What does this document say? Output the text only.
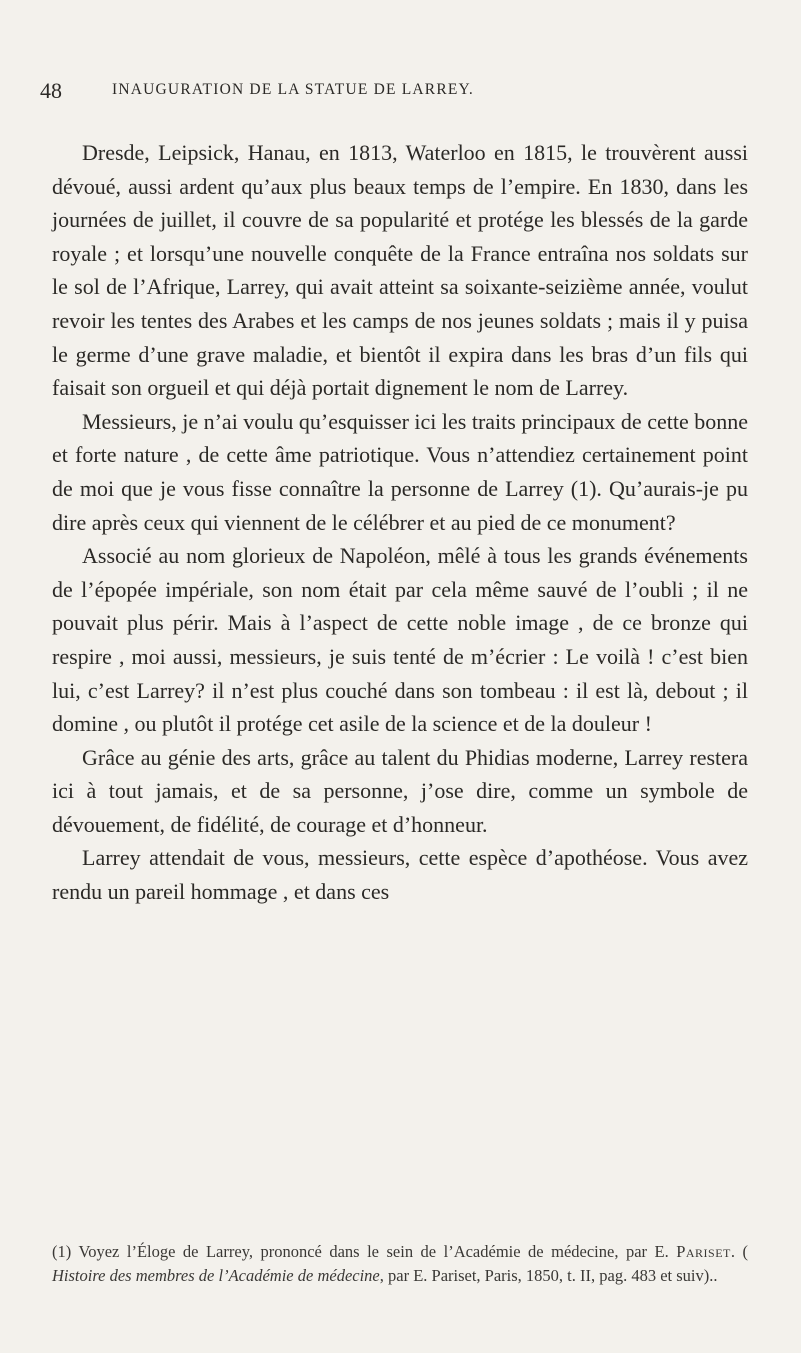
48	INAUGURATION DE LA STATUE DE LARREY.

Dresde, Leipsick, Hanau, en 1813, Waterloo en 1815, le trouvèrent aussi dévoué, aussi ardent qu’aux plus beaux temps de l’empire. En 1830, dans les journées de juillet, il couvre de sa popularité et protége les blessés de la garde royale ; et lorsqu’une nouvelle conquête de la France entraîna nos soldats sur le sol de l’Afrique, Larrey, qui avait atteint sa soixante-seizième année, voulut revoir les tentes des Arabes et les camps de nos jeunes soldats ; mais il y puisa le germe d’une grave maladie, et bientôt il expira dans les bras d’un fils qui faisait son orgueil et qui déjà portait dignement le nom de Larrey.

Messieurs, je n’ai voulu qu’esquisser ici les traits principaux de cette bonne et forte nature , de cette âme patriotique. Vous n’attendiez certainement point de moi que je vous fisse connaître la personne de Larrey (1). Qu’aurais-je pu dire après ceux qui viennent de le célébrer et au pied de ce monument?

Associé au nom glorieux de Napoléon, mêlé à tous les grands événements de l’épopée impériale, son nom était par cela même sauvé de l’oubli ; il ne pouvait plus périr. Mais à l’aspect de cette noble image , de ce bronze qui respire , moi aussi, messieurs, je suis tenté de m’écrier : Le voilà ! c’est bien lui, c’est Larrey? il n’est plus couché dans son tombeau : il est là, debout ; il domine , ou plutôt il protége cet asile de la science et de la douleur !

Grâce au génie des arts, grâce au talent du Phidias moderne, Larrey restera ici à tout jamais, et de sa personne, j’ose dire, comme un symbole de dévouement, de fidélité, de courage et d’honneur.

Larrey attendait de vous, messieurs, cette espèce d’apothéose. Vous avez rendu un pareil hommage , et dans ces

(1) Voyez l’Éloge de Larrey, prononcé dans le sein de l’Académie de médecine, par E. Pariset. ( Histoire des membres de l’Académie de médecine, par E. Pariset, Paris, 1850, t. II, pag. 483 et suiv)..
